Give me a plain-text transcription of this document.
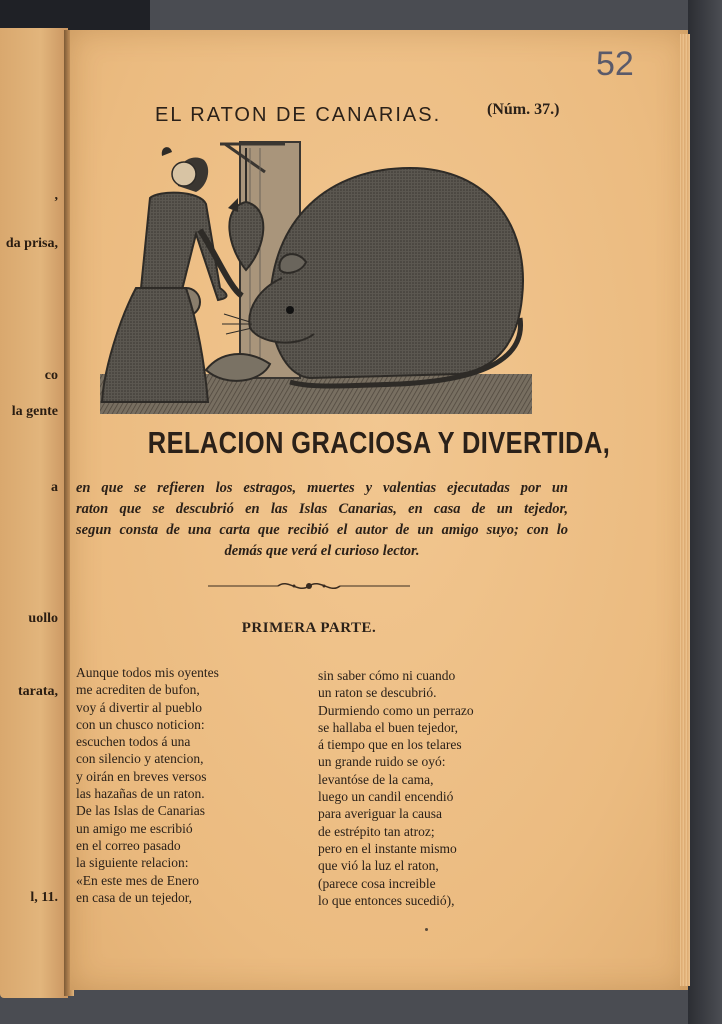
,
da prisa,
co
la gente
a
uollo
tarata,
l, 11.
52
EL RATON DE CANARIAS.	(Núm. 37.)
RELACION GRACIOSA Y DIVERTIDA,
en que se refieren los estragos, muertes y valentias ejecutadas por un
raton que se descubrió en las Islas Canarias, en casa de un tejedor,
segun consta de una carta que recibió el autor de un amigo suyo; con lo
demás que verá el curioso lector.
PRIMERA PARTE.
Aunque todos mis oyentes
me acrediten de bufon,
voy á divertir al pueblo
con un chusco noticion:
escuchen todos á una
con silencio y atencion,
y oirán en breves versos
las hazañas de un raton.
De las Islas de Canarias
un amigo me escribió
en el correo pasado
la siguiente relacion:
«En este mes de Enero
en casa de un tejedor,
sin saber cómo ni cuando
un raton se descubrió.
Durmiendo como un perrazo
se hallaba el buen tejedor,
á tiempo que en los telares
un grande ruido se oyó:
levantóse de la cama,
luego un candil encendió
para averiguar la causa
de estrépito tan atroz;
pero en el instante mismo
que vió la luz el raton,
(parece cosa increible
lo que entonces sucedió),
